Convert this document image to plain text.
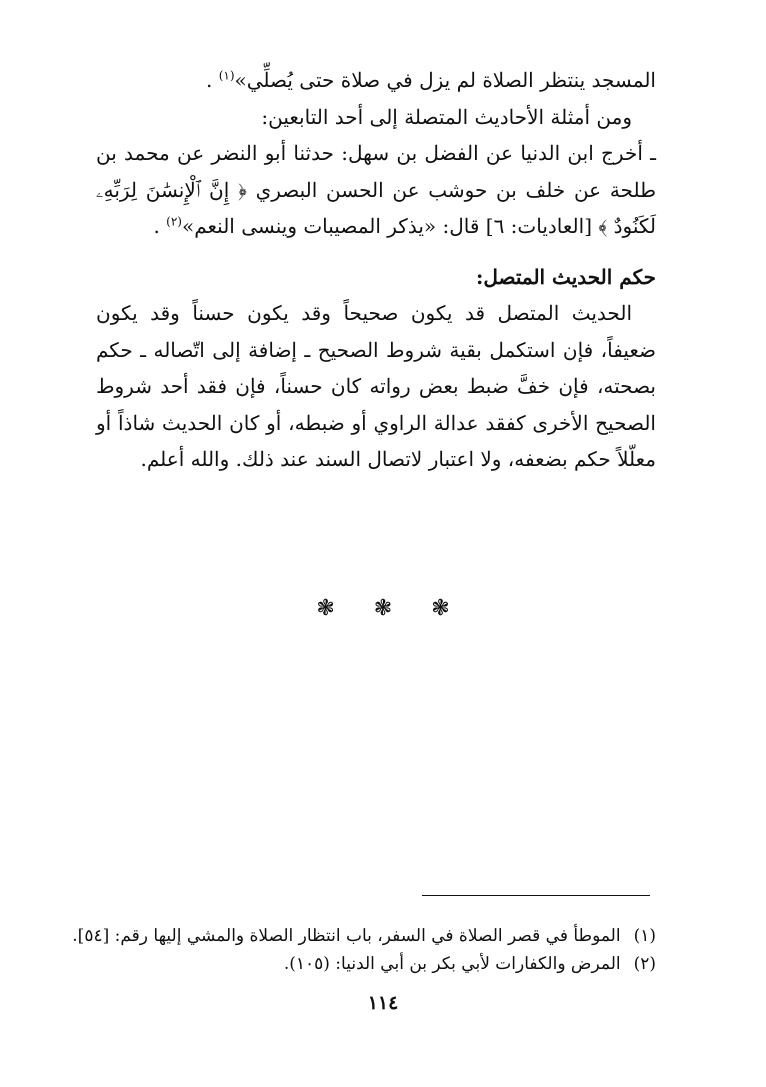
المسجد ينتظر الصلاة لم يزل في صلاة حتى يُصلِّي»$^{(١)}$ .

ومن أمثلة الأحاديث المتصلة إلى أحد التابعين:

ـ أخرج ابن الدنيا عن الفضل بن سهل: حدثنا أبو النضر عن محمد بن طلحة عن خلف بن حوشب عن الحسن البصري ﴿ إِنَّ ٱلْإِنسَٰنَ لِرَبِّهِۦ لَكَنُودٌ ﴾ [العاديات: ٦] قال: «يذكر المصيبات وينسى النعم»$^{(٢)}$ .

حكم الحديث المتصل:

الحديث المتصل قد يكون صحيحاً وقد يكون حسناً وقد يكون ضعيفاً، فإن استكمل بقية شروط الصحيح ـ إضافة إلى اتّصاله ـ حكم بصحته، فإن خفَّ ضبط بعض رواته كان حسناً، فإن فقد أحد شروط الصحيح الأخرى كفقد عدالة الراوي أو ضبطه، أو كان الحديث شاذاً أو معلّلاً حكم بضعفه، ولا اعتبار لاتصال السند عند ذلك. والله أعلم.

❃ ❃ ❃
(١) الموطأ في قصر الصلاة في السفر، باب انتظار الصلاة والمشي إليها رقم: [٥٤].
(٢) المرض والكفارات لأبي بكر بن أبي الدنيا: (١٠٥).
١١٤
